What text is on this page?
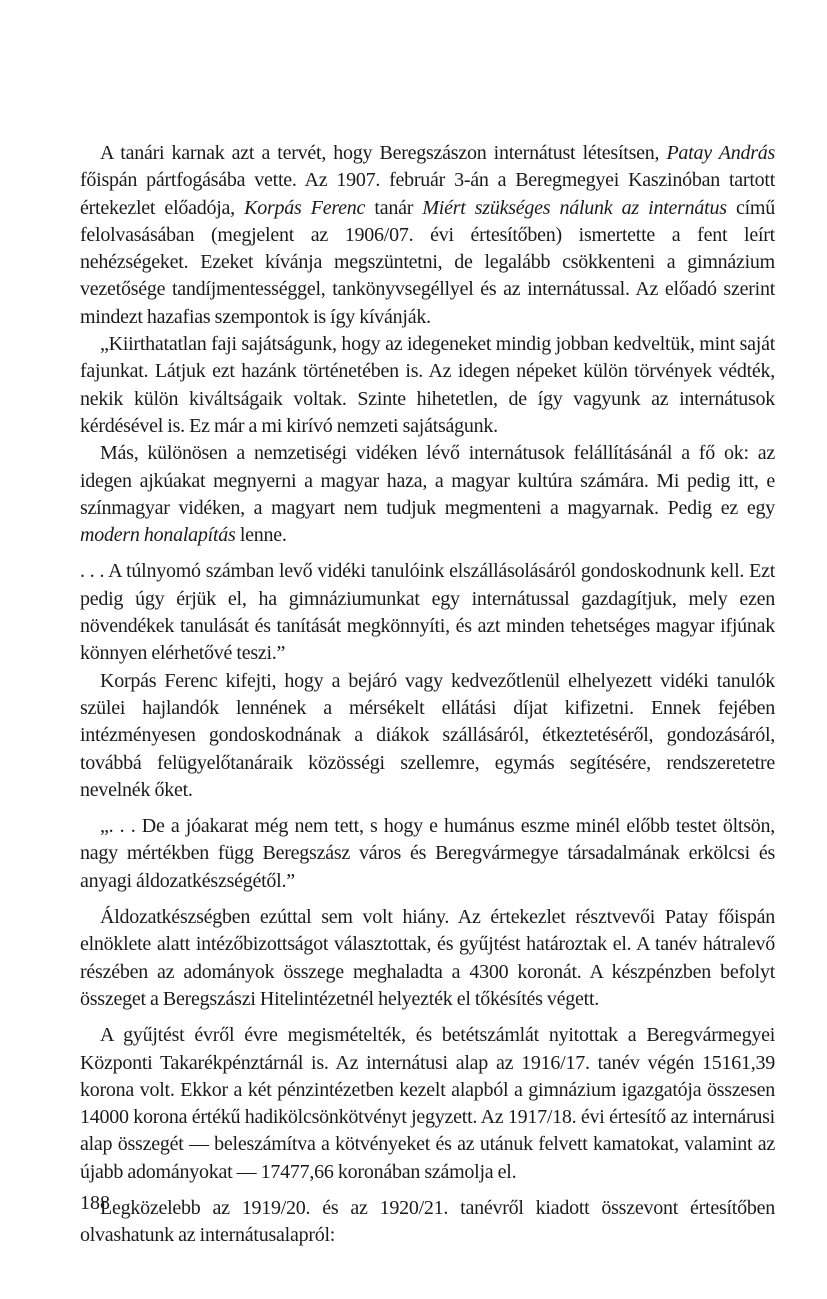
A tanári karnak azt a tervét, hogy Beregszászon internátust létesítsen, Patay András főispán pártfogásába vette. Az 1907. február 3-án a Beregmegyei Kaszinóban tartott értekezlet előadója, Korpás Ferenc tanár Miért szükséges nálunk az internátus című felolvasásában (megjelent az 1906/07. évi értesítőben) ismertette a fent leírt nehézségeket. Ezeket kívánja megszüntetni, de legalább csökkenteni a gimnázium vezetősége tandíjmentességgel, tankönyvsegéllyel és az internátussal. Az előadó szerint mindezt hazafias szempontok is így kívánják.

„Kiirthatatlan faji sajátságunk, hogy az idegeneket mindig jobban kedveltük, mint saját fajunkat. Látjuk ezt hazánk történetében is. Az idegen népeket külön törvények védték, nekik külön kiváltságaik voltak. Szinte hihetetlen, de így vagyunk az internátusok kérdésével is. Ez már a mi kirívó nemzeti sajátságunk.

Más, különösen a nemzetiségi vidéken lévő internátusok felállításánál a fő ok: az idegen ajkúakat megnyerni a magyar haza, a magyar kultúra számára. Mi pedig itt, e színmagyar vidéken, a magyart nem tudjuk megmenteni a magyarnak. Pedig ez egy modern honalapítás lenne.

. . . A túlnyomó számban levő vidéki tanulóink elszállásolásáról gondoskodnunk kell. Ezt pedig úgy érjük el, ha gimnáziumunkat egy internátussal gazdagítjuk, mely ezen növendékek tanulását és tanítását megkönnyíti, és azt minden tehetséges magyar ifjúnak könnyen elérhetővé teszi.”

Korpás Ferenc kifejti, hogy a bejáró vagy kedvezőtlenül elhelyezett vidéki tanulók szülei hajlandók lennének a mérsékelt ellátási díjat kifizetni. Ennek fejében intézményesen gondoskodnának a diákok szállásáról, étkeztetéséről, gondozásáról, továbbá felügyelőtanáraik közösségi szellemre, egymás segítésére, rendszeretetre nevelnék őket.

„. . . De a jóakarat még nem tett, s hogy e humánus eszme minél előbb testet öltsön, nagy mértékben függ Beregszász város és Beregvármegye társadalmának erkölcsi és anyagi áldozatkészségétől.”

Áldozatkészségben ezúttal sem volt hiány. Az értekezlet résztvevői Patay főispán elnöklete alatt intézőbizottságot választottak, és gyűjtést határoztak el. A tanév hátralevő részében az adományok összege meghaladta a 4300 koronát. A készpénzben befolyt összeget a Beregszászi Hitelintézetnél helyezték el tőkésítés végett.

A gyűjtést évről évre megismételték, és betétszámlát nyitottak a Beregvármegyei Központi Takarékpénztárnál is. Az internátusi alap az 1916/17. tanév végén 15161,39 korona volt. Ekkor a két pénzintézetben kezelt alapból a gimnázium igazgatója összesen 14000 korona értékű hadikölcsönkötvényt jegyzett. Az 1917/18. évi értesítő az internárusi alap összegét — beleszámítva a kötvényeket és az utánuk felvett kamatokat, valamint az újabb adományokat — 17477,66 koronában számolja el.

Legközelebb az 1919/20. és az 1920/21. tanévről kiadott összevont értesítőben olvashatunk az internátusalapról:

188
